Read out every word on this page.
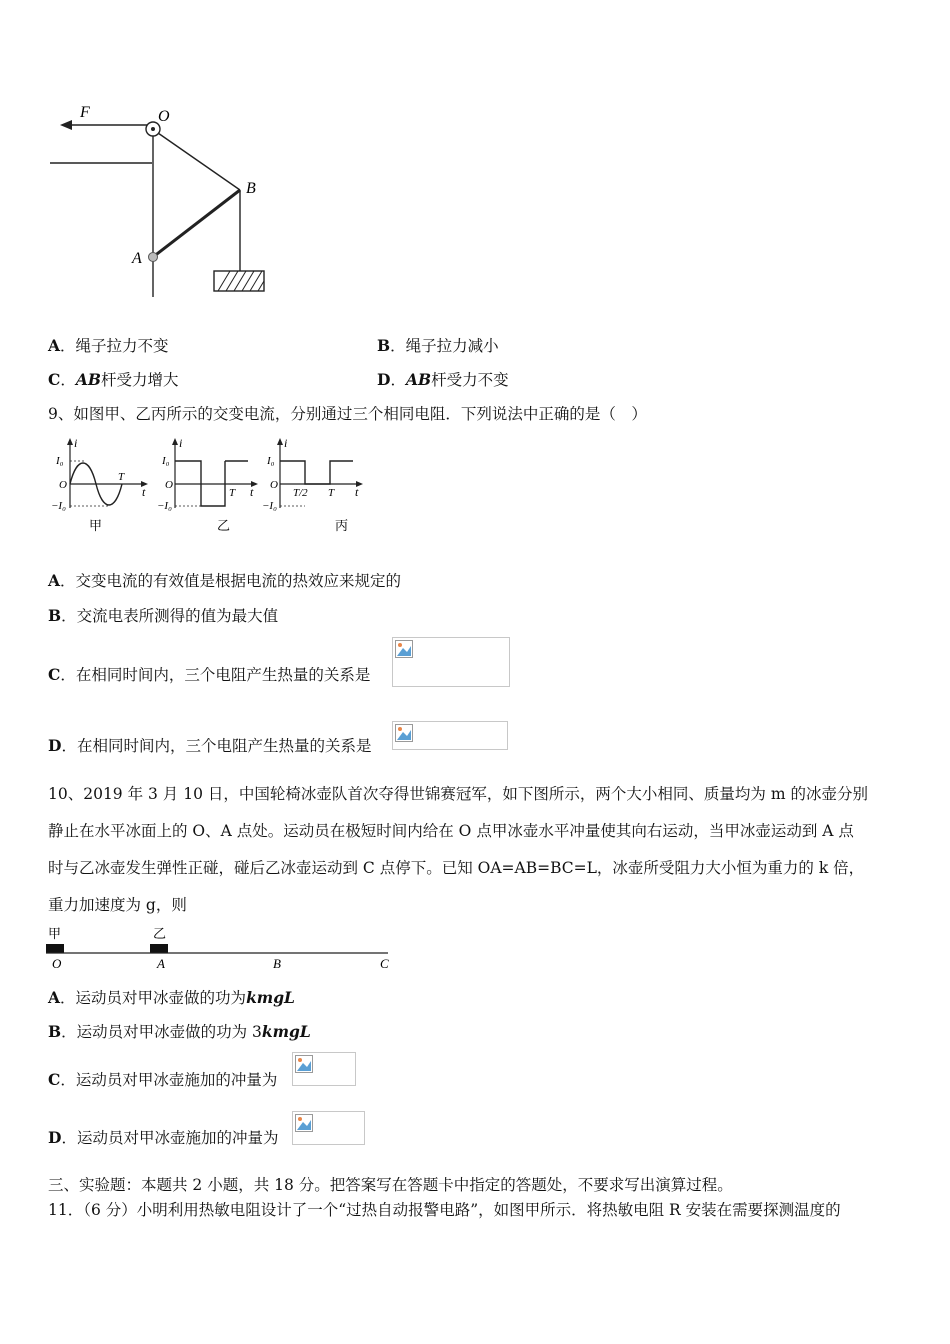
F	O
B
A
A．绳子拉力不变	B．绳子拉力减小
C．AB杆受力增大	D．AB杆受力不变
9、如图甲、乙丙所示的交变电流，分别通过三个相同电阻．下列说法中正确的是（　）
i
t
I₀
O
−I₀
T
甲
i
t
I₀
O
−I₀
T
乙
i
t
I₀
O
−I₀
T/2 T
丙
A．交变电流的有效值是根据电流的热效应来规定的
B．交流电表所测得的值为最大值
C．在相同时间内，三个电阻产生热量的关系是
D．在相同时间内，三个电阻产生热量的关系是
10、2019 年 3 月 10 日，中国轮椅冰壶队首次夺得世锦赛冠军，如下图所示，两个大小相同、质量均为 m 的冰壶分别
静止在水平冰面上的 O、A 点处。运动员在极短时间内给在 O 点甲冰壶水平冲量使其向右运动，当甲冰壶运动到 A 点
时与乙冰壶发生弹性正碰，碰后乙冰壶运动到 C 点停下。已知 OA=AB=BC=L，冰壶所受阻力大小恒为重力的 k 倍，
重力加速度为 g，则
甲	乙
O	A	B	C
A．运动员对甲冰壶做的功为kmgL
B．运动员对甲冰壶做的功为 3kmgL
C．运动员对甲冰壶施加的冲量为
D．运动员对甲冰壶施加的冲量为
三、实验题：本题共 2 小题，共 18 分。把答案写在答题卡中指定的答题处，不要求写出演算过程。
11．（6 分）小明利用热敏电阻设计了一个“过热自动报警电路”，如图甲所示．将热敏电阻 R 安装在需要探测温度的
